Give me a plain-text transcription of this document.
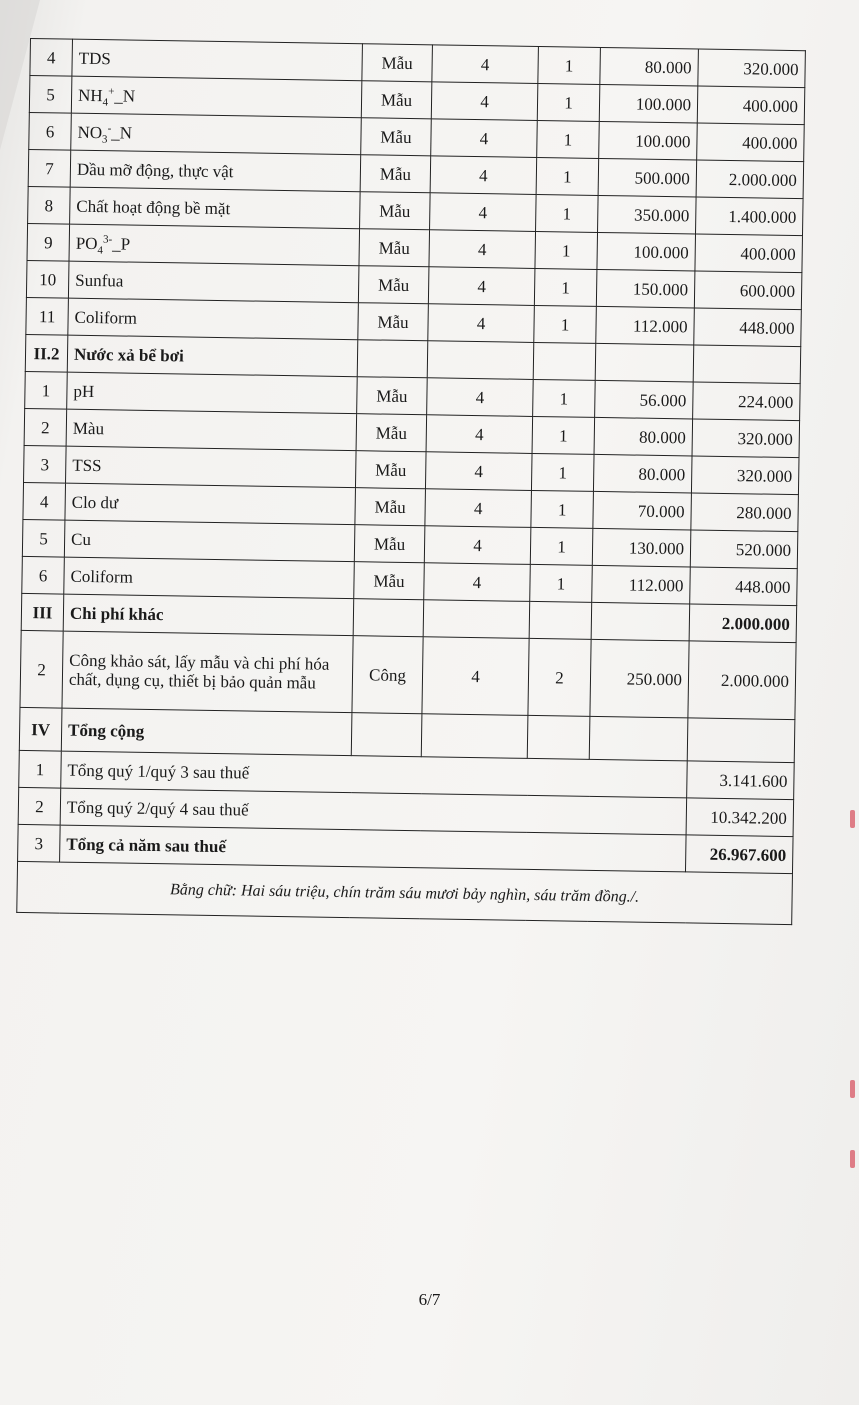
4	TDS	Mẫu	4	1	80.000	320.000
5	$NH_4^+\_N$	Mẫu	4	1	100.000	400.000
6	$NO_3^-\_N$	Mẫu	4	1	100.000	400.000
7	Dầu mỡ động, thực vật	Mẫu	4	1	500.000	2.000.000
8	Chất hoạt động bề mặt	Mẫu	4	1	350.000	1.400.000
9	$PO_4^{3-}\_P$	Mẫu	4	1	100.000	400.000
10	Sunfua	Mẫu	4	1	150.000	600.000
11	Coliform	Mẫu	4	1	112.000	448.000
II.2	Nước xả bể bơi					
1	pH	Mẫu	4	1	56.000	224.000
2	Màu	Mẫu	4	1	80.000	320.000
3	TSS	Mẫu	4	1	80.000	320.000
4	Clo dư	Mẫu	4	1	70.000	280.000
5	Cu	Mẫu	4	1	130.000	520.000
6	Coliform	Mẫu	4	1	112.000	448.000
III	Chi phí khác					2.000.000
2	Công khảo sát, lấy mẫu và chi phí hóa chất, dụng cụ, thiết bị bảo quản mẫu	Công	4	2	250.000	2.000.000
IV	Tổng cộng					
1	Tổng quý 1/quý 3 sau thuế					3.141.600
2	Tổng quý 2/quý 4 sau thuế					10.342.200
3	Tổng cả năm sau thuế					26.967.600
Bằng chữ: Hai sáu triệu, chín trăm sáu mươi bảy nghìn, sáu trăm đồng./.						
6/7
